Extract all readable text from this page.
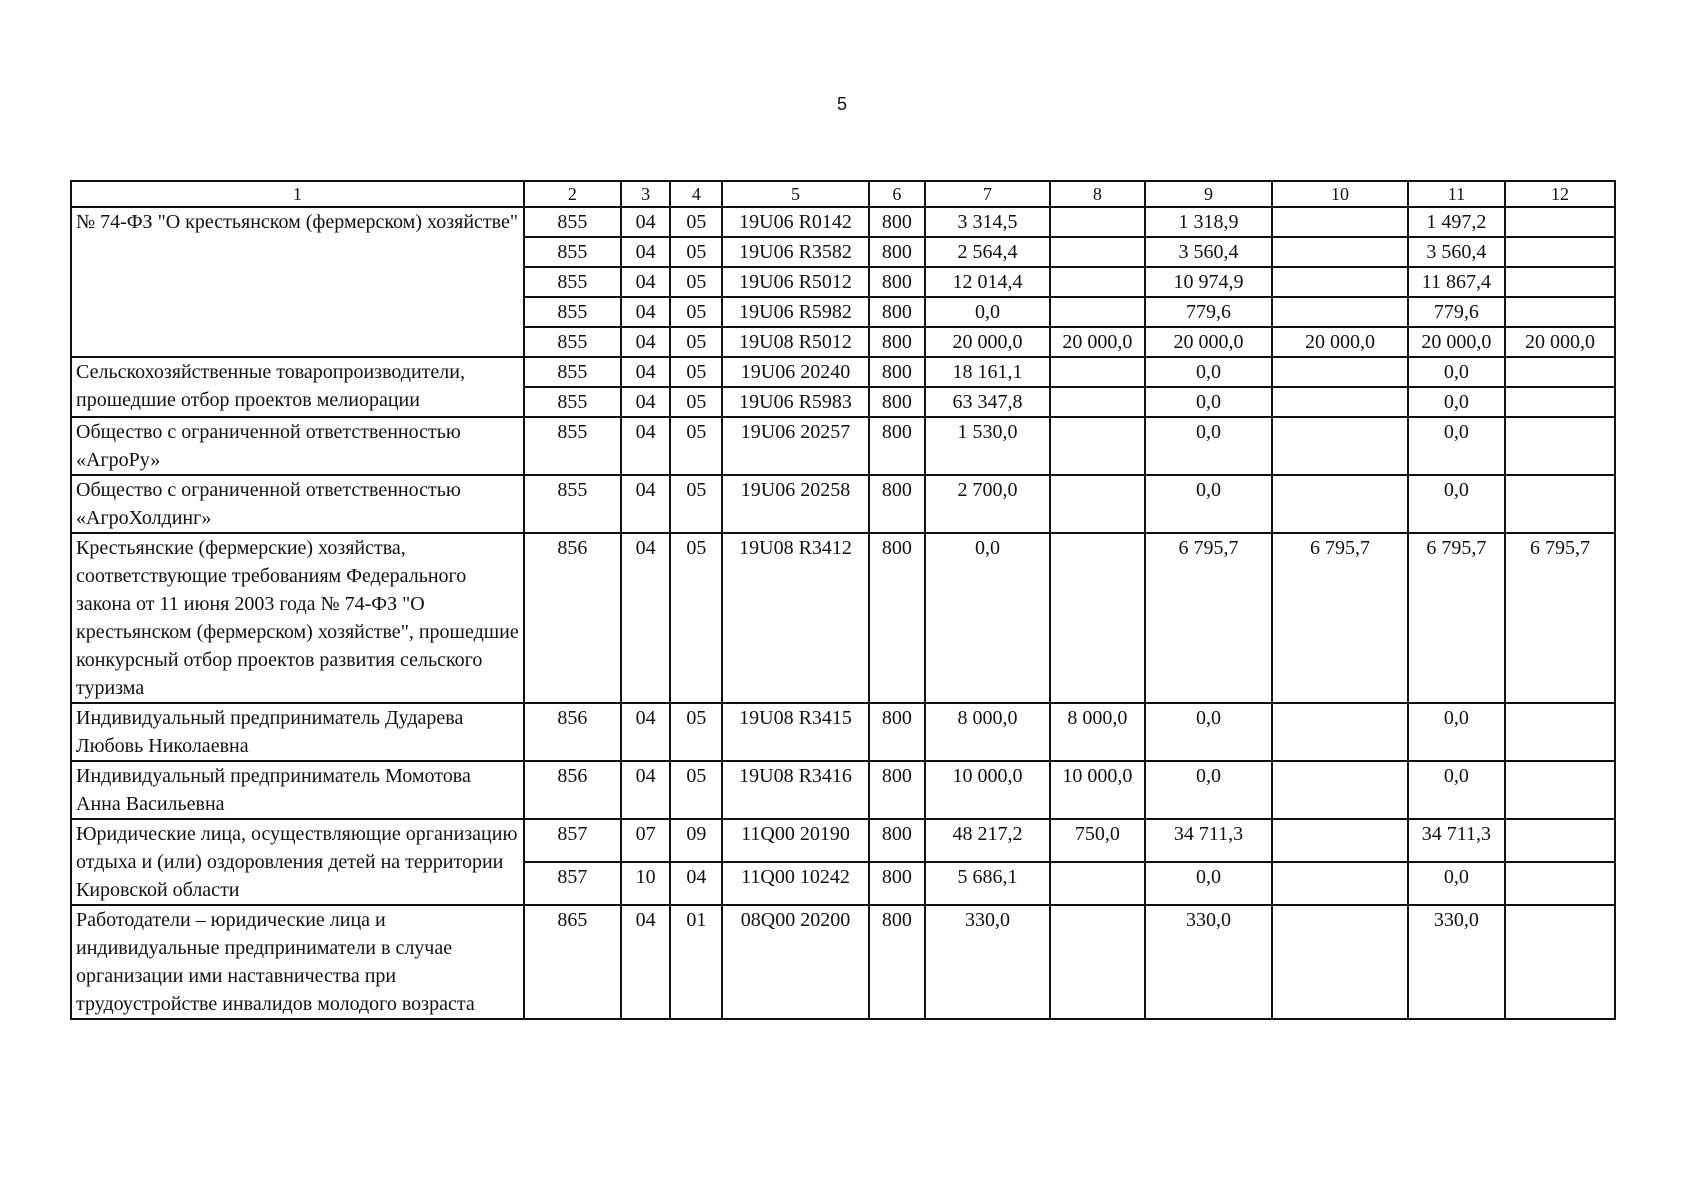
5
1	2	3	4	5	6	7	8	9	10	11	12
№ 74-ФЗ "О крестьянском (фермерском) хозяйстве"	855	04	05	19U06 R0142	800	3 314,5		1 318,9		1 497,2	
	855	04	05	19U06 R3582	800	2 564,4		3 560,4		3 560,4	
	855	04	05	19U06 R5012	800	12 014,4		10 974,9		11 867,4	
	855	04	05	19U06 R5982	800	0,0		779,6		779,6	
	855	04	05	19U08 R5012	800	20 000,0	20 000,0	20 000,0	20 000,0	20 000,0	20 000,0
Сельскохозяйственные товаропроизводители, прошедшие отбор проектов мелиорации	855	04	05	19U06 20240	800	18 161,1		0,0		0,0	
	855	04	05	19U06 R5983	800	63 347,8		0,0		0,0	
Общество с ограниченной ответственностью «АгроРу»	855	04	05	19U06 20257	800	1 530,0		0,0		0,0	
Общество с ограниченной ответственностью «АгроХолдинг»	855	04	05	19U06 20258	800	2 700,0		0,0		0,0	
Крестьянские (фермерские) хозяйства, соответствующие требованиям Федерального закона от 11 июня 2003 года № 74-ФЗ "О крестьянском (фермерском) хозяйстве", прошедшие конкурсный отбор проектов развития сельского туризма	856	04	05	19U08 R3412	800	0,0		6 795,7	6 795,7	6 795,7	6 795,7
Индивидуальный предприниматель Дударева Любовь Николаевна	856	04	05	19U08 R3415	800	8 000,0	8 000,0	0,0		0,0	
Индивидуальный предприниматель Момотова Анна Васильевна	856	04	05	19U08 R3416	800	10 000,0	10 000,0	0,0		0,0	
Юридические лица, осуществляющие организацию отдыха и (или) оздоровления детей на территории Кировской области	857	07	09	11Q00 20190	800	48 217,2	750,0	34 711,3		34 711,3	
	857	10	04	11Q00 10242	800	5 686,1		0,0		0,0	
Работодатели – юридические лица и индивидуальные предприниматели в случае организации ими наставничества при трудоустройстве инвалидов молодого возраста	865	04	01	08Q00 20200	800	330,0		330,0		330,0	
